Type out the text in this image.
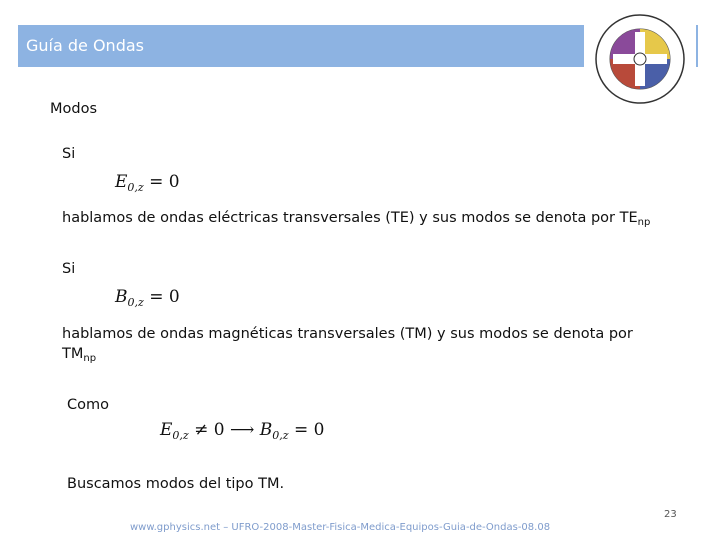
Guía de Ondas
Modos
Si
$E_{0,z} = 0$
hablamos de ondas eléctricas transversales (TE) y sus modos se denota por $TE_{np}$
Si
$B_{0,z} = 0$
hablamos de ondas magnéticas transversales (TM) y sus modos se denota por
$TM_{np}$
Como
$E_{0,z} \ne 0$ ⟶ $B_{0,z} = 0$
Buscamos modos del tipo TM.
23
www.gphysics.net – UFRO-2008-Master-Fisica-Medica-Equipos-Guia-de-Ondas-08.08
